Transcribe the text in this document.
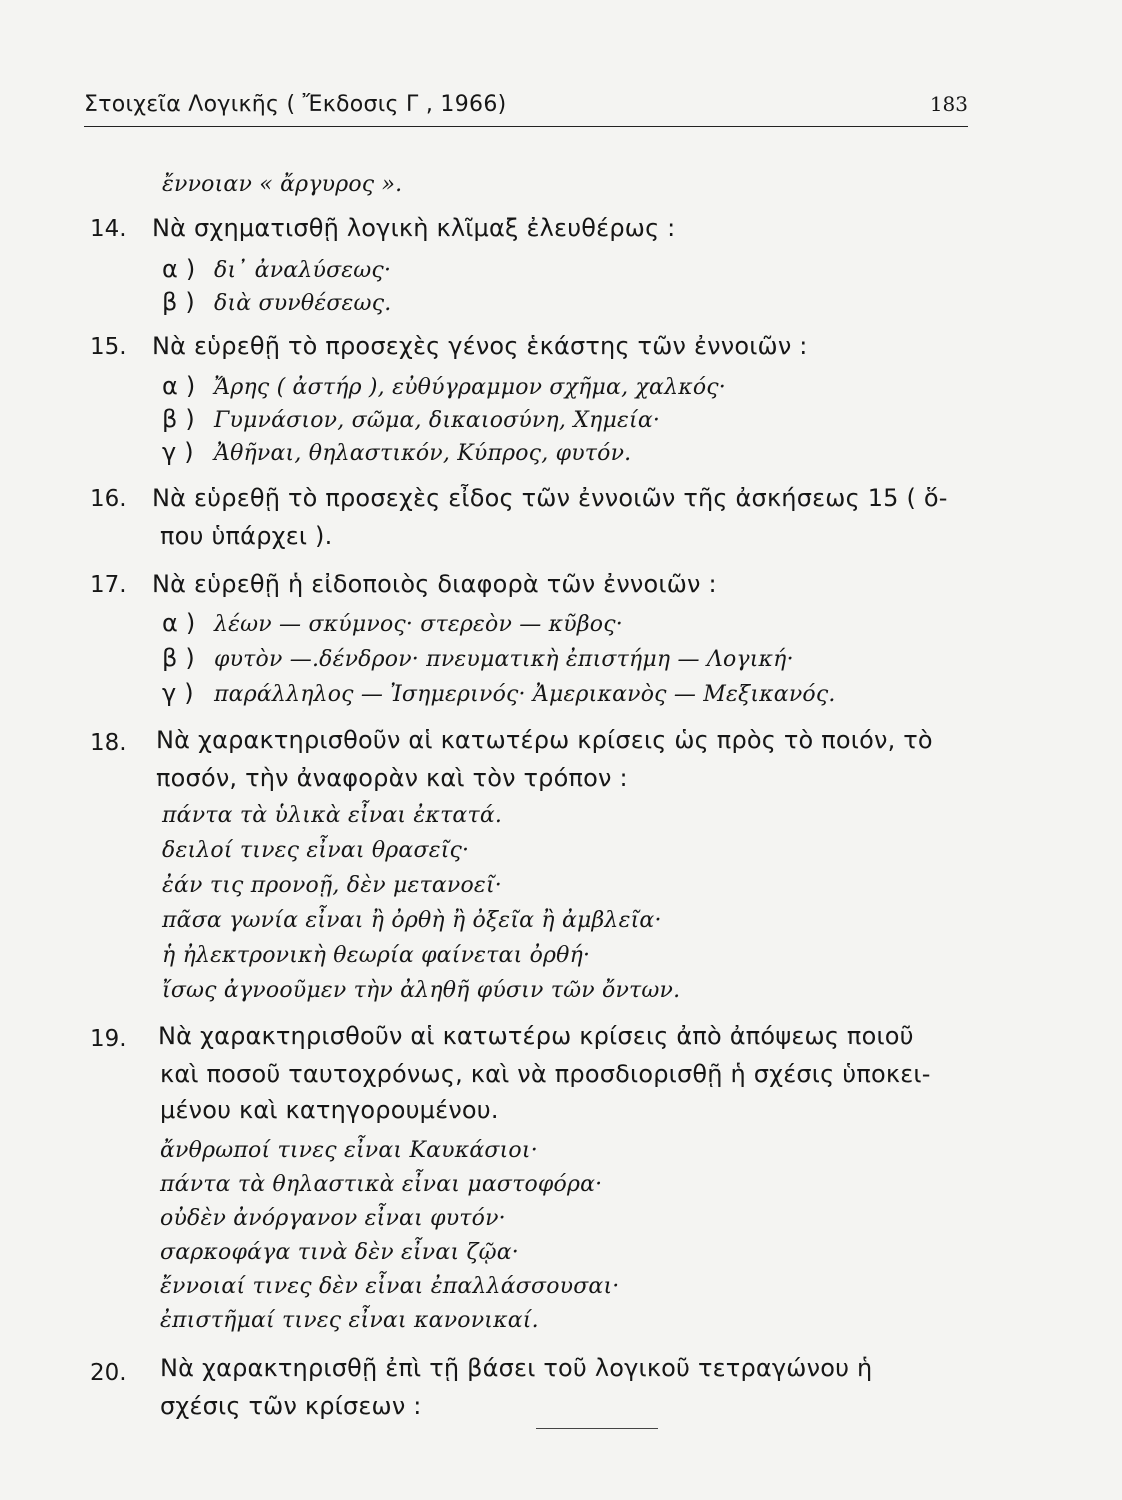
Στοιχεῖα Λογικῆς ( Ἔκδοσις Γ , 1966)	183
ἔννοιαν « ἄργυρος ».
14. Νὰ σχηματισθῇ λογικὴ κλῖμαξ ἐλευθέρως :
α ) δι᾽ ἀναλύσεως·
β ) διὰ συνθέσεως.
15. Νὰ εὑρεθῇ τὸ προσεχὲς γένος ἑκάστης τῶν ἐννοιῶν :
α ) Ἄρης ( ἀστήρ ), εὐθύγραμμον σχῆμα, χαλκός·
β ) Γυμνάσιον, σῶμα, δικαιοσύνη, Χημεία·
γ ) Ἀθῆναι, θηλαστικόν, Κύπρος, φυτόν.
16. Νὰ εὑρεθῇ τὸ προσεχὲς εἶδος τῶν ἐννοιῶν τῆς ἀσκήσεως 15 ( ὅ-
που ὑπάρχει ).
17. Νὰ εὑρεθῇ ἡ εἰδοποιὸς διαφορὰ τῶν ἐννοιῶν :
α ) λέων — σκύμνος· στερεὸν — κῦβος·
β ) φυτὸν —.δένδρον· πνευματικὴ ἐπιστήμη — Λογική·
γ ) παράλληλος — Ἰσημερινός· Ἀμερικανὸς — Μεξικανός.
18. Νὰ χαρακτηρισθοῦν αἱ κατωτέρω κρίσεις ὡς πρὸς τὸ ποιόν, τὸ
ποσόν, τὴν ἀναφορὰν καὶ τὸν τρόπον :
πάντα τὰ ὑλικὰ εἶναι ἐκτατά.
δειλοί τινες εἶναι θρασεῖς·
ἐάν τις προνοῇ, δὲν μετανοεῖ·
πᾶσα γωνία εἶναι ἢ ὀρθὴ ἢ ὀξεῖα ἢ ἀμβλεῖα·
ἡ ἠλεκτρονικὴ θεωρία φαίνεται ὀρθή·
ἴσως ἀγνοοῦμεν τὴν ἀληθῆ φύσιν τῶν ὄντων.
19. Νὰ χαρακτηρισθοῦν αἱ κατωτέρω κρίσεις ἀπὸ ἀπόψεως ποιοῦ
καὶ ποσοῦ ταυτοχρόνως, καὶ νὰ προσδιορισθῇ ἡ σχέσις ὑποκει-
μένου καὶ κατηγορουμένου.
ἄνθρωποί τινες εἶναι Καυκάσιοι·
πάντα τὰ θηλαστικὰ εἶναι μαστοφόρα·
οὐδὲν ἀνόργανον εἶναι φυτόν·
σαρκοφάγα τινὰ δὲν εἶναι ζῷα·
ἔννοιαί τινες δὲν εἶναι ἐπαλλάσσουσαι·
ἐπιστῆμαί τινες εἶναι κανονικαί.
20. Νὰ χαρακτηρισθῇ ἐπὶ τῇ βάσει τοῦ λογικοῦ τετραγώνου ἡ
σχέσις τῶν κρίσεων :
